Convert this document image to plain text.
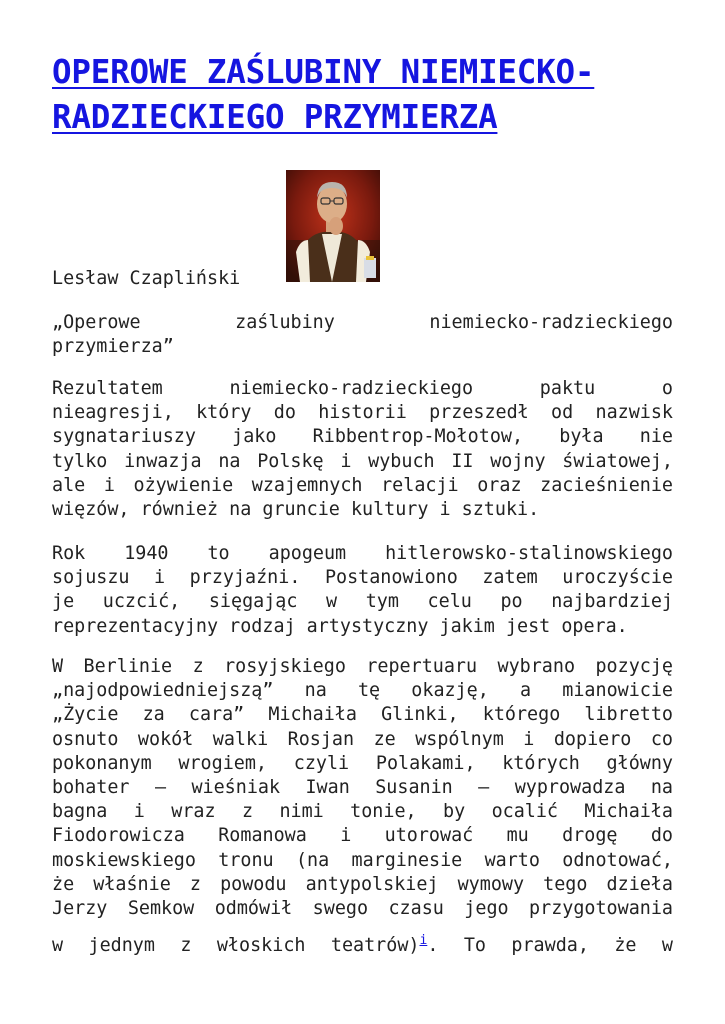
OPEROWE ZAŚLUBINY NIEMIECKO-
RADZIECKIEGO PRZYMIERZA
Lesław Czapliński

„Operowe zaślubiny niemiecko-radzieckiego
przymierza”

Rezultatem niemiecko-radzieckiego paktu o
nieagresji, który do historii przeszedł od nazwisk
sygnatariuszy jako Ribbentrop-Mołotow, była nie
tylko inwazja na Polskę i wybuch II wojny światowej,
ale i ożywienie wzajemnych relacji oraz zacieśnienie
więzów, również na gruncie kultury i sztuki.

Rok 1940 to apogeum hitlerowsko-stalinowskiego
sojuszu i przyjaźni. Postanowiono zatem uroczyście
je uczcić, sięgając w tym celu po najbardziej
reprezentacyjny rodzaj artystyczny jakim jest opera.

W Berlinie z rosyjskiego repertuaru wybrano pozycję
„najodpowiedniejszą” na tę okazję, a mianowicie
„Życie za cara” Michaiła Glinki, którego libretto
osnuto wokół walki Rosjan ze wspólnym i dopiero co
pokonanym wrogiem, czyli Polakami, których główny
bohater – wieśniak Iwan Susanin – wyprowadza na
bagna i wraz z nimi tonie, by ocalić Michaiła
Fiodorowicza Romanowa i utorować mu drogę do
moskiewskiego tronu (na marginesie warto odnotować,
że właśnie z powodu antypolskiej wymowy tego dzieła
Jerzy Semkow odmówił swego czasu jego przygotowania
w jednym z włoskich teatrów)$^i$. To prawda, że w
